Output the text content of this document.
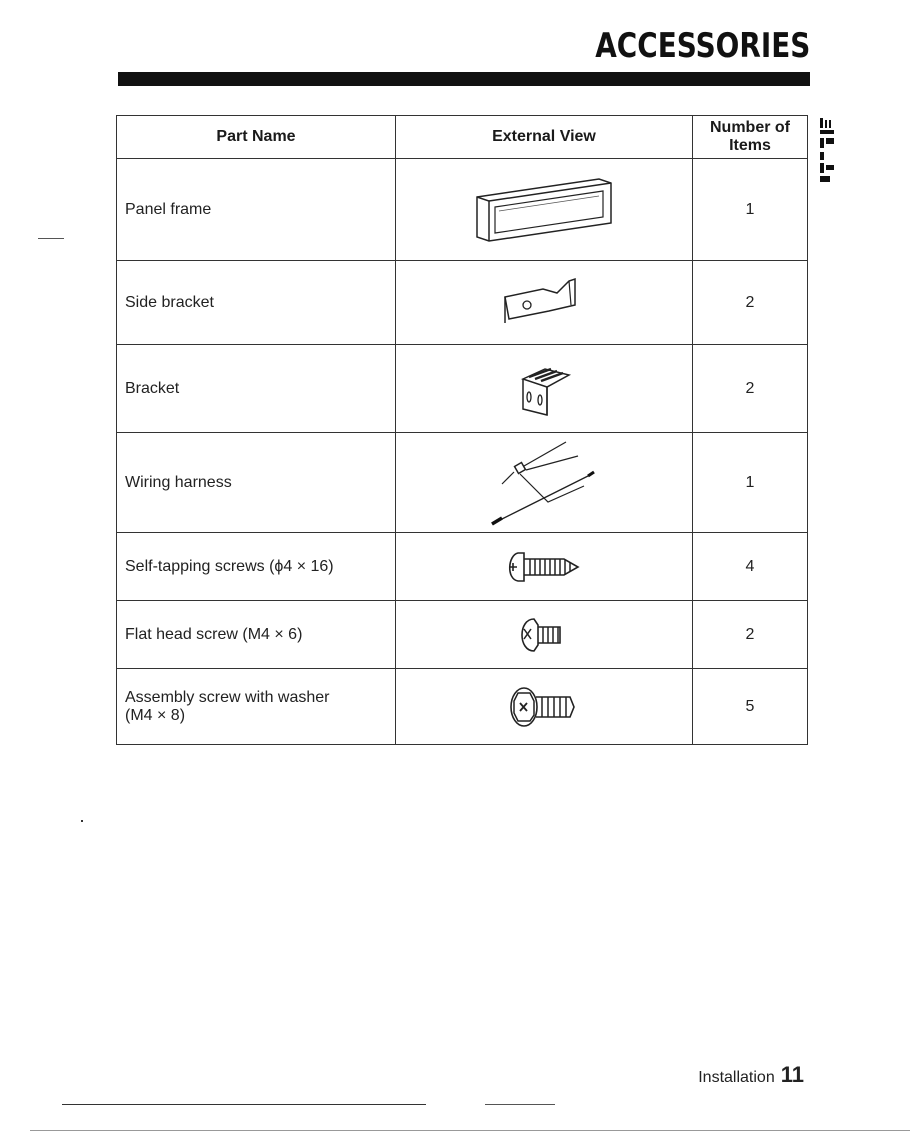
ACCESSORIES
Part Name	External View	Number of
Items
Panel frame		1
Side bracket		2
Bracket		2
Wiring harness		1
Self-tapping screws (ϕ4 × 16)		4
Flat head screw (M4 × 6)		2
Assembly screw with washer
(M4 × 8)		5
Installation 11
